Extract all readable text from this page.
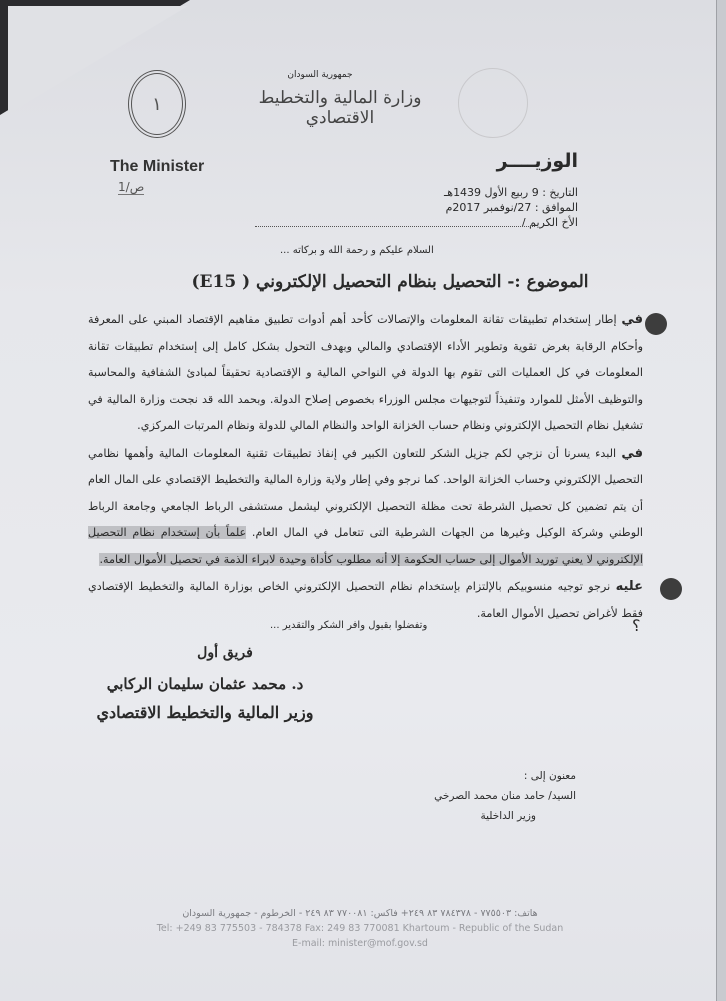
١
جمهورية السودان
وزارة المالية والتخطيط الاقتصادي
The Minister
1/ص
الوزيــــر
التاريخ : 9 ربيع الأول 1439هـ
الموافق : 27/نوفمبر 2017م
الأخ الكريم /
السلام عليكم و رحمة الله و بركاته ...
الموضوع :- التحصيل بنظام التحصيل الإلكتروني ( E15)

في إطار إستخدام تطبيقات تقانة المعلومات والإتصالات كأحد أهم أدوات تطبيق مفاهيم الإقتصاد المبني على المعرفة وأحكام الرقابة بغرض تقوية وتطوير الأداء الإقتصادي والمالي وبهدف التحول بشكل كامل إلى إستخدام تطبيقات تقانة المعلومات في كل العمليات التى تقوم بها الدولة في النواحي المالية و الإقتصادية تحقيقاً لمبادئ الشفافية والمحاسبة والتوظيف الأمثل للموارد وتنفيذاً لتوجيهات مجلس الوزراء بخصوص إصلاح الدولة. وبحمد الله قد نجحت وزارة المالية في تشغيل نظام التحصيل الإلكتروني ونظام حساب الخزانة الواحد والنظام المالي للدولة ونظام المرتبات المركزي.

في البدء يسرنا أن نزجي لكم جزيل الشكر للتعاون الكبير في إنفاذ تطبيقات تقنية المعلومات المالية وأهمها نظامي التحصيل الإلكتروني وحساب الخزانة الواحد. كما نرجو وفي إطار ولاية وزارة المالية والتخطيط الإقتصادي على المال العام أن يتم تضمين كل تحصيل الشرطة تحت مظلة التحصيل الإلكتروني ليشمل مستشفى الرباط الجامعي وجامعة الرباط الوطني وشركة الوكيل وغيرها من الجهات الشرطية التى تتعامل في المال العام. علماً بأن إستخدام نظام التحصيل الإلكتروني لا يعني توريد الأموال إلى حساب الحكومة إلا أنه مطلوب كأداة وحيدة لابراء الذمة في تحصيل الأموال العامة.

عليه نرجو توجيه منسوبيكم بالإلتزام بإستخدام نظام التحصيل الإلكتروني الخاص بوزارة المالية والتخطيط الإقتصادي فقط لأغراض تحصيل الأموال العامة.

وتفضلوا بقبول وافر الشكر والتقدير ...	؟
فريق أول
د. محمد عثمان سليمان الركابي
وزير المالية والتخطيط الاقتصادي
معنون إلى :
السيد/ حامد منان محمد الصرخي
وزير الداخلية
هاتف: ٧٧٥٥٠٣ - ٧٨٤٣٧٨ ٨٣ ٢٤٩+ فاكس: ٧٧٠٠٨١ ٨٣ ٢٤٩ - الخرطوم - جمهورية السودان
Tel: +249 83 775503 - 784378 Fax: 249 83 770081 Khartoum - Republic of the Sudan
E-mail: minister@mof.gov.sd
